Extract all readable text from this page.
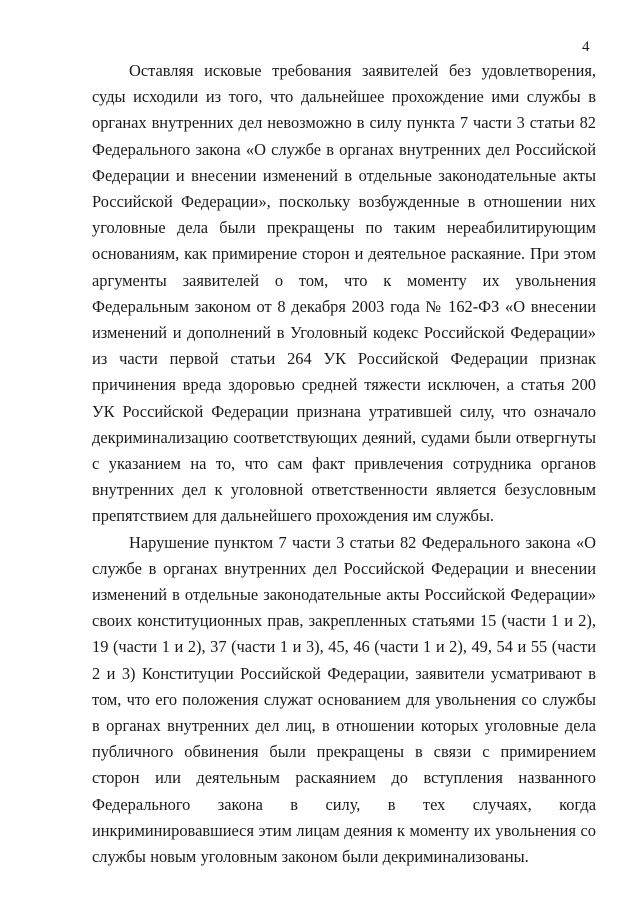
4

Оставляя исковые требования заявителей без удовлетворения, суды исходили из того, что дальнейшее прохождение ими службы в органах внутренних дел невозможно в силу пункта 7 части 3 статьи 82 Федерального закона «О службе в органах внутренних дел Российской Федерации и внесении изменений в отдельные законодательные акты Российской Федерации», поскольку возбужденные в отношении них уголовные дела были прекращены по таким нереабилитирующим основаниям, как примирение сторон и деятельное раскаяние. При этом аргументы заявителей о том, что к моменту их увольнения Федеральным законом от 8 декабря 2003 года № 162-ФЗ «О внесении изменений и дополнений в Уголовный кодекс Российской Федерации» из части первой статьи 264 УК Российской Федерации признак причинения вреда здоровью средней тяжести исключен, а статья 200 УК Российской Федерации признана утратившей силу, что означало декриминализацию соответствующих деяний, судами были отвергнуты с указанием на то, что сам факт привлечения сотрудника органов внутренних дел к уголовной ответственности является безусловным препятствием для дальнейшего прохождения им службы.

Нарушение пунктом 7 части 3 статьи 82 Федерального закона «О службе в органах внутренних дел Российской Федерации и внесении изменений в отдельные законодательные акты Российской Федерации» своих конституционных прав, закрепленных статьями 15 (части 1 и 2), 19 (части 1 и 2), 37 (части 1 и 3), 45, 46 (части 1 и 2), 49, 54 и 55 (части 2 и 3) Конституции Российской Федерации, заявители усматривают в том, что его положения служат основанием для увольнения со службы в органах внутренних дел лиц, в отношении которых уголовные дела публичного обвинения были прекращены в связи с примирением сторон или деятельным раскаянием до вступления названного Федерального закона в силу, в тех случаях, когда инкриминировавшиеся этим лицам деяния к моменту их увольнения со службы новым уголовным законом были декриминализованы.
